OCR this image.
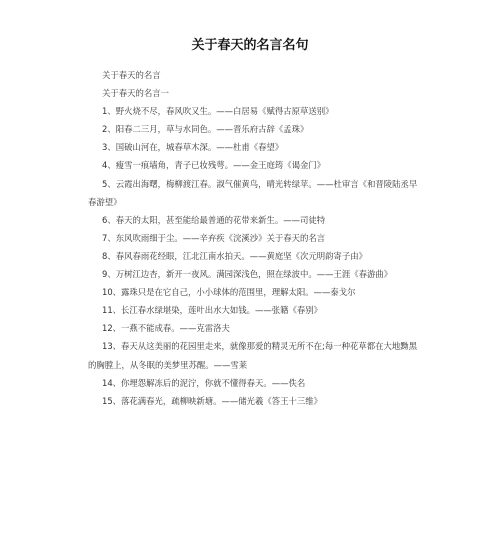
关于春天的名言名句
关于春天的名言
关于春天的名言一
1、野火烧不尽，春风吹又生。——白居易《赋得古原草送别》
2、阳春二三月，草与水同色。——晋乐府古辞《孟珠》
3、国破山河在，城春草木深。——杜甫《春望》
4、瘦雪一痕墙角，青子已妆残萼。——金王庭筠《谒金门》
5、云霞出海曙，梅柳渡江春。淑气催黄鸟，晴光转绿苹。——杜审言《和晋陵陆丞早春游望》
6、春天的太阳，甚至能给最普通的花带来新生。——司徒特
7、东风吹雨细于尘。——辛弃疾《浣溪沙》关于春天的名言
8、春风春雨花经眼，江北江南水拍天。——黄庭坚《次元明韵寄子由》
9、万树江边杏，新开一夜风。满园深浅色，照在绿波中。——王涯《春游曲》
10、露珠只是在它自己，小小球体的范围里，理解太阳。——泰戈尔
11、长江春水绿堪染，莲叶出水大如钱。——张籍《春别》
12、一燕不能成春。——克雷洛夫
13、春天从这美丽的花园里走来，就像那爱的精灵无所不在;每一种花草都在大地黝黑的胸膛上，从冬眠的美梦里苏醒。——雪莱
14、你埋怨解冻后的泥泞，你就不懂得春天。——佚名
15、落花满春光，疏柳映新塘。——储光羲《答王十三维》
